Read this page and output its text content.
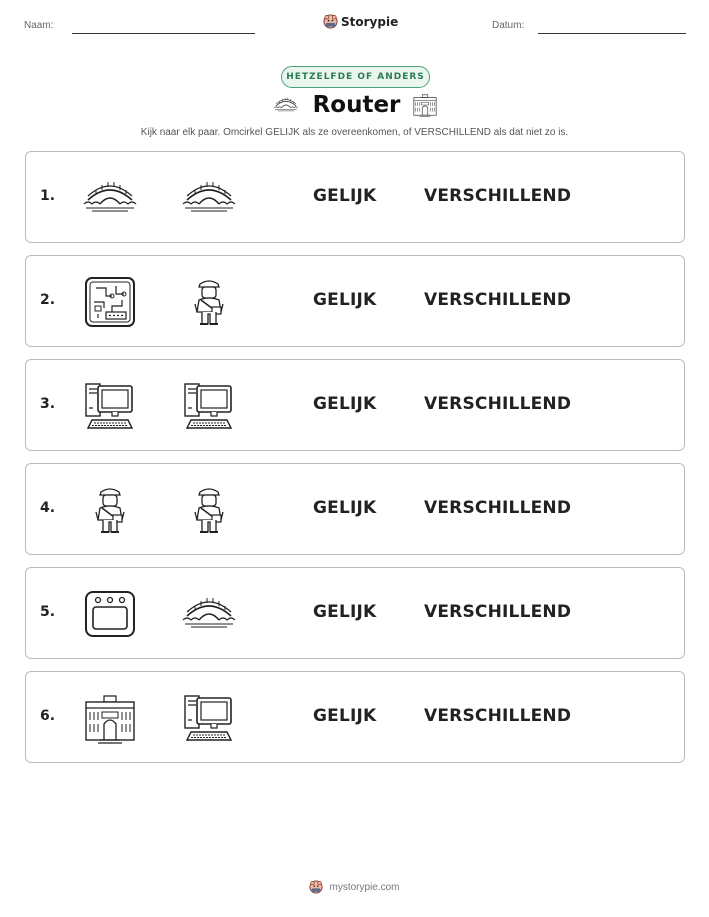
Naam:	Storypie	Datum:
HETZELFDE OF ANDERS
Router
Kijk naar elk paar. Omcirkel GELIJK als ze overeenkomen, of VERSCHILLEND als dat niet zo is.
1.	GELIJK	VERSCHILLEND
2.	GELIJK	VERSCHILLEND
3.	GELIJK	VERSCHILLEND
4.	GELIJK	VERSCHILLEND
5.	GELIJK	VERSCHILLEND
6.	GELIJK	VERSCHILLEND
mystorypie.com
